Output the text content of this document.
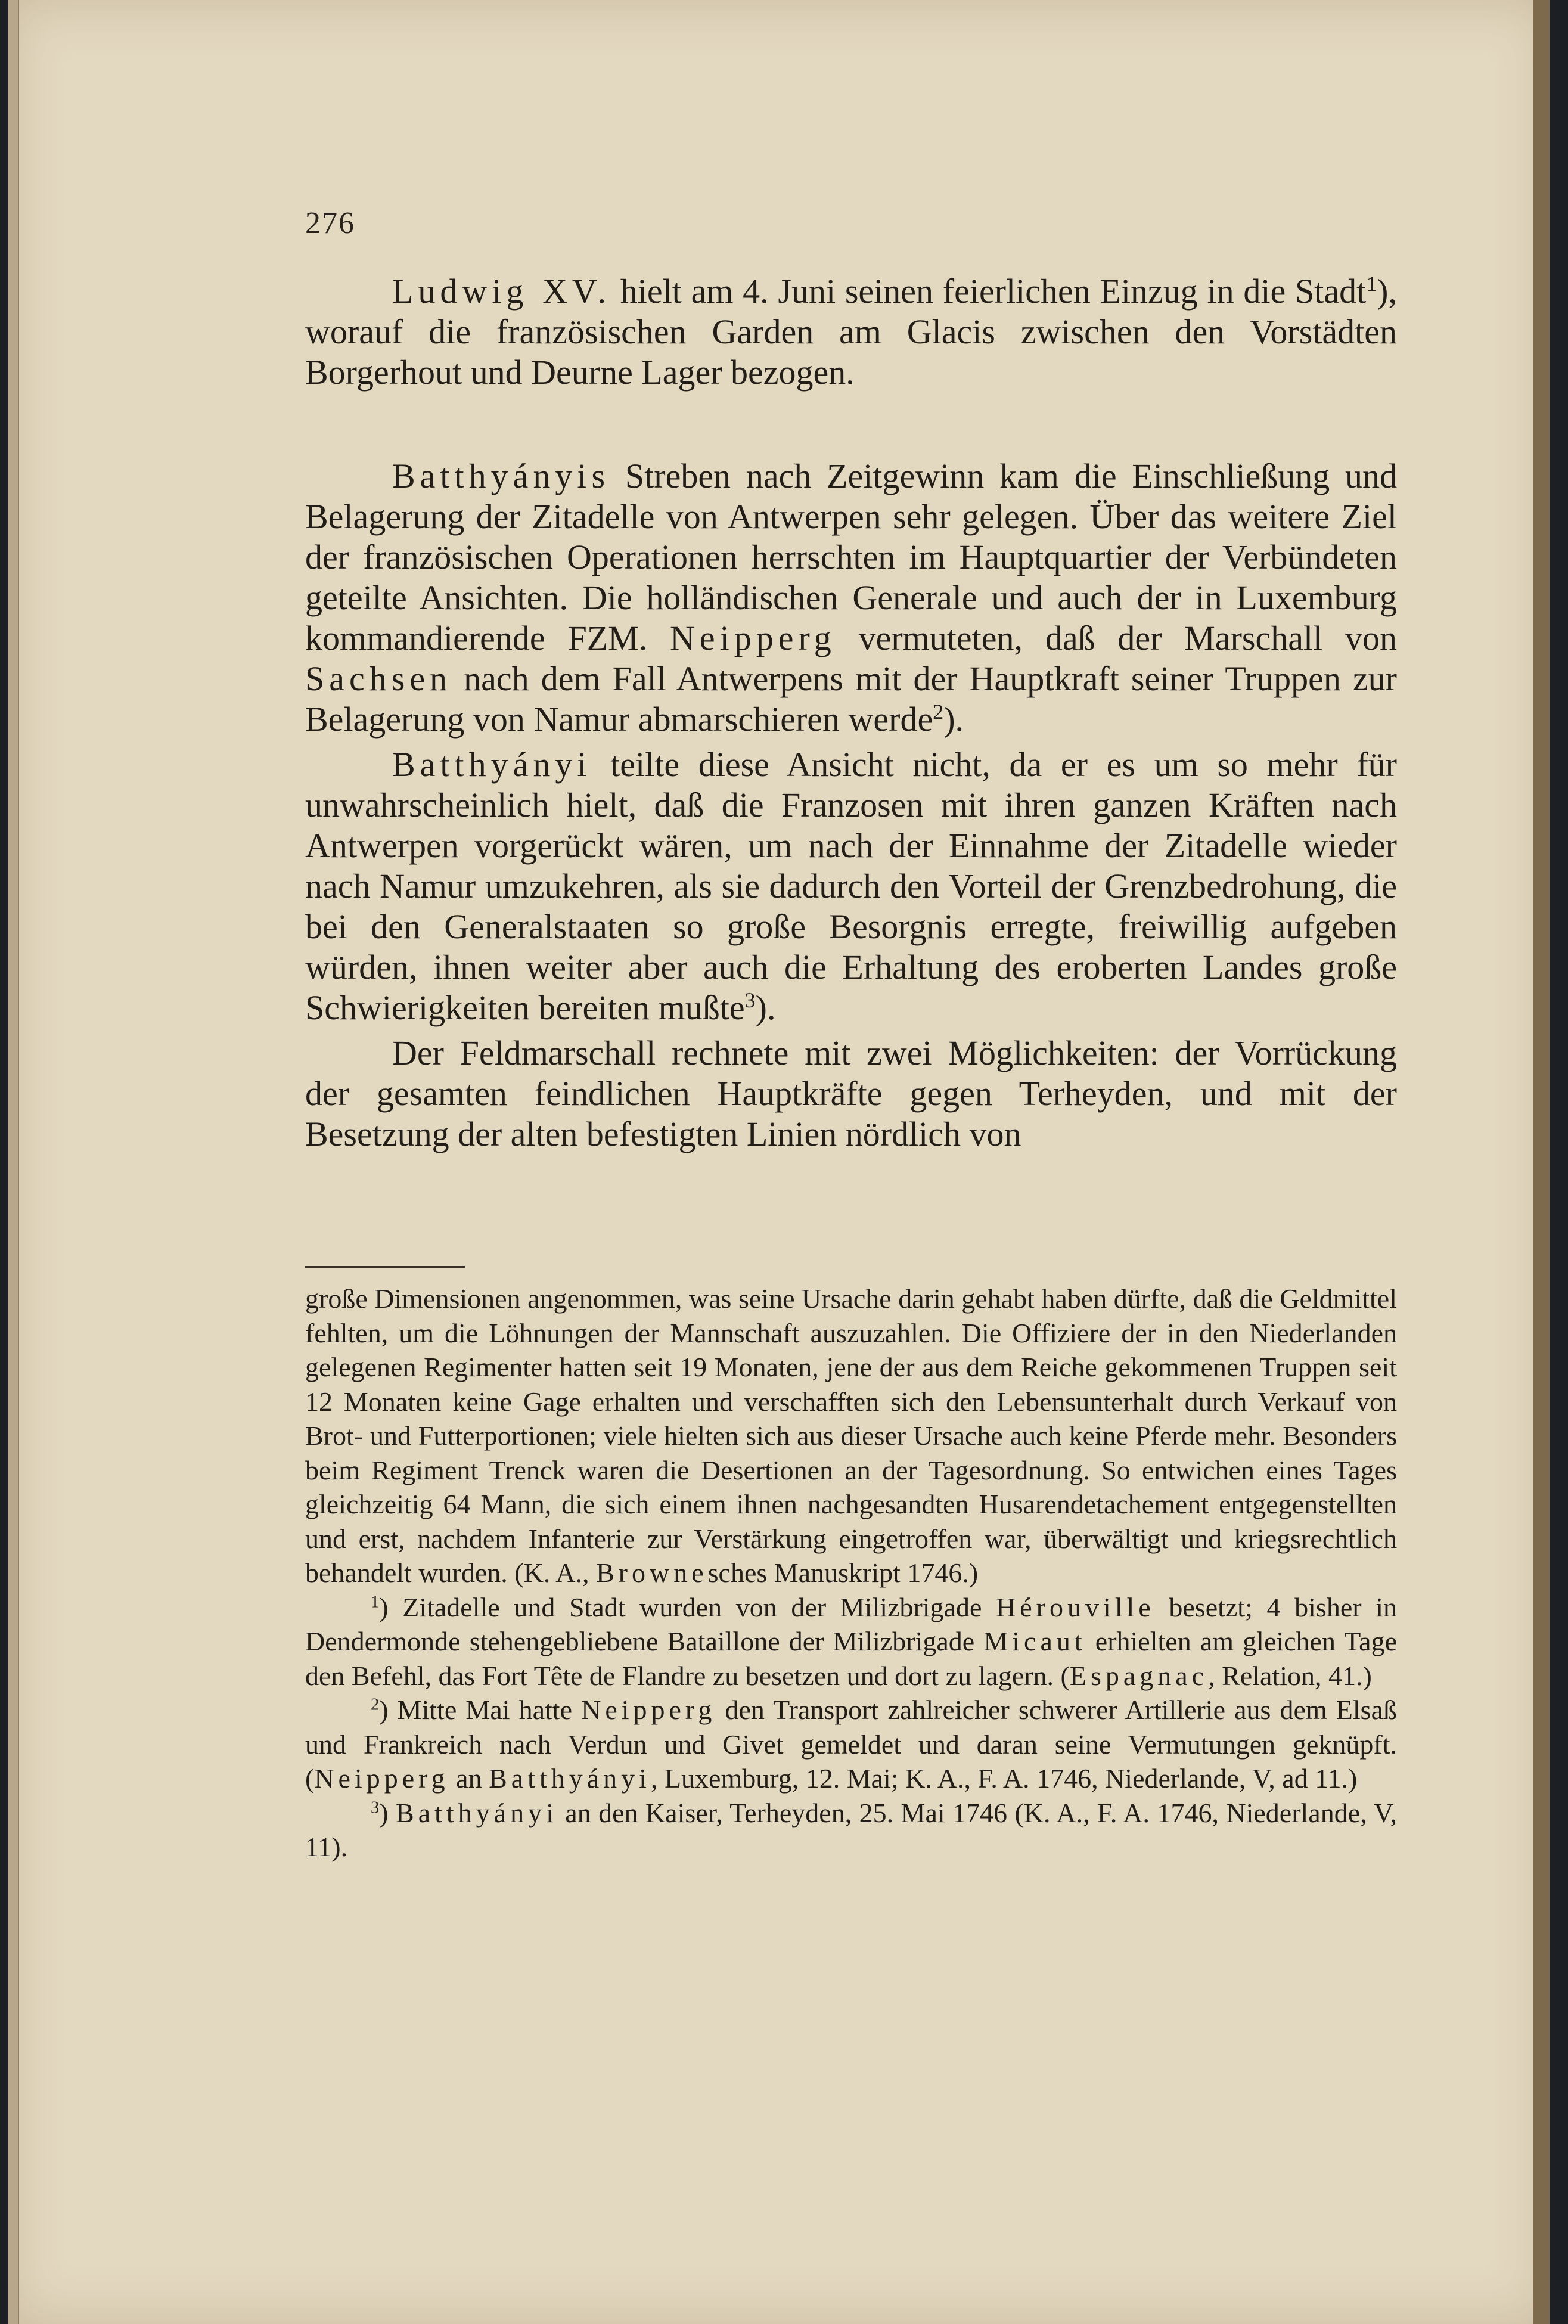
276

Ludwig XV. hielt am 4. Juni seinen feierlichen Einzug in die Stadt$^1$), worauf die französischen Garden am Glacis zwischen den Vorstädten Borgerhout und Deurne Lager bezogen.

Batthyányis Streben nach Zeitgewinn kam die Einschließung und Belagerung der Zitadelle von Antwerpen sehr gelegen. Über das weitere Ziel der französischen Operationen herrschten im Hauptquartier der Verbündeten geteilte Ansichten. Die holländischen Generale und auch der in Luxemburg kommandierende FZM. Neipperg vermuteten, daß der Marschall von Sachsen nach dem Fall Antwerpens mit der Hauptkraft seiner Truppen zur Belagerung von Namur abmarschieren werde$^2$).

Batthyányi teilte diese Ansicht nicht, da er es um so mehr für unwahrscheinlich hielt, daß die Franzosen mit ihren ganzen Kräften nach Antwerpen vorgerückt wären, um nach der Einnahme der Zitadelle wieder nach Namur umzukehren, als sie dadurch den Vorteil der Grenzbedrohung, die bei den Generalstaaten so große Besorgnis erregte, freiwillig aufgeben würden, ihnen weiter aber auch die Erhaltung des eroberten Landes große Schwierigkeiten bereiten mußte$^3$).

Der Feldmarschall rechnete mit zwei Möglichkeiten: der Vorrückung der gesamten feindlichen Hauptkräfte gegen Terheyden, und mit der Besetzung der alten befestigten Linien nördlich von

große Dimensionen angenommen, was seine Ursache darin gehabt haben dürfte, daß die Geldmittel fehlten, um die Löhnungen der Mannschaft auszuzahlen. Die Offiziere der in den Niederlanden gelegenen Regimenter hatten seit 19 Monaten, jene der aus dem Reiche gekommenen Truppen seit 12 Monaten keine Gage erhalten und verschafften sich den Lebensunterhalt durch Verkauf von Brot- und Futterportionen; viele hielten sich aus dieser Ursache auch keine Pferde mehr. Besonders beim Regiment Trenck waren die Desertionen an der Tagesordnung. So entwichen eines Tages gleichzeitig 64 Mann, die sich einem ihnen nachgesandten Husarendetachement entgegenstellten und erst, nachdem Infanterie zur Verstärkung eingetroffen war, überwältigt und kriegsrechtlich behandelt wurden. (K. A., Brownesches Manuskript 1746.)

$^1$) Zitadelle und Stadt wurden von der Milizbrigade Hérouville besetzt; 4 bisher in Dendermonde stehengebliebene Bataillone der Milizbrigade Micaut erhielten am gleichen Tage den Befehl, das Fort Tête de Flandre zu besetzen und dort zu lagern. (Espagnac, Relation, 41.)

$^2$) Mitte Mai hatte Neipperg den Transport zahlreicher schwerer Artillerie aus dem Elsaß und Frankreich nach Verdun und Givet gemeldet und daran seine Vermutungen geknüpft. (Neipperg an Batthyányi, Luxemburg, 12. Mai; K. A., F. A. 1746, Niederlande, V, ad 11.)

$^3$) Batthyányi an den Kaiser, Terheyden, 25. Mai 1746 (K. A., F. A. 1746, Niederlande, V, 11).
